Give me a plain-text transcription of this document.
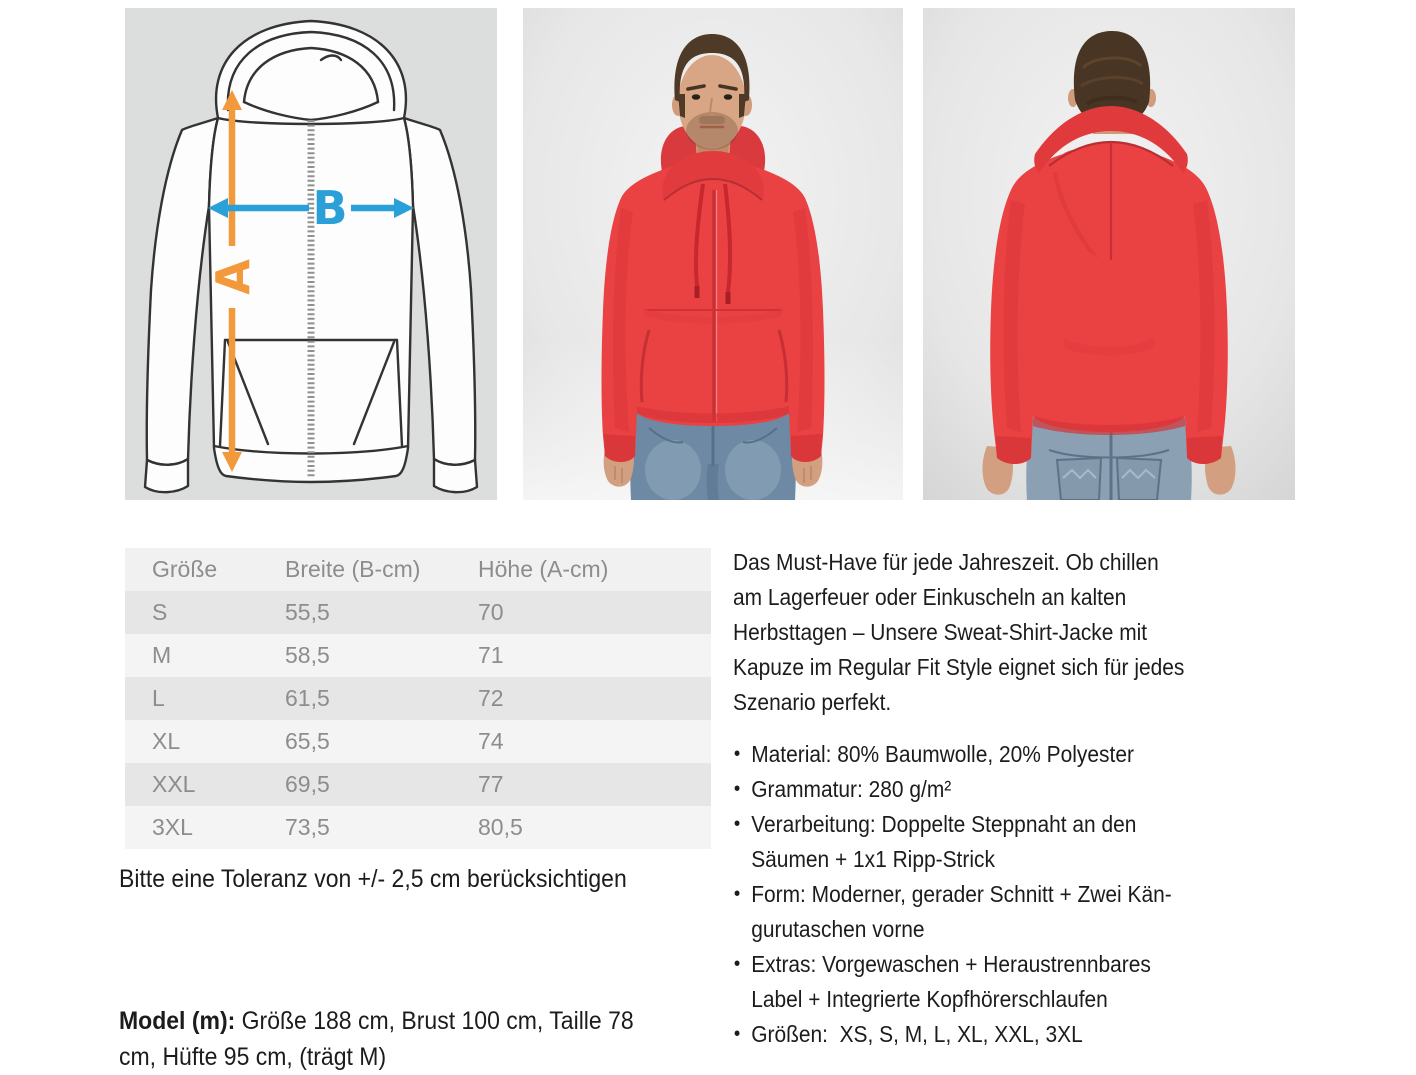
A
B
Größe	Breite (B-cm)	Höhe (A-cm)
S	55,5	70
M	58,5	71
L	61,5	72
XL	65,5	74
XXL	69,5	77
3XL	73,5	80,5
Bitte eine Toleranz von +/- 2,5 cm berücksichtigen

Model (m): Größe 188 cm, Brust 100 cm, Taille 78 cm, Hüfte 95 cm, (trägt M)

Das Must-Have für jede Jahreszeit. Ob chillen am Lagerfeuer oder Einkuscheln an kalten Herbsttagen – Unsere Sweat-Shirt-Jacke mit Kapuze im Regular Fit Style eignet sich für jedes Szenario perfekt.

• Material: 80% Baumwolle, 20% Polyester
• Grammatur: 280 g/m²
• Verarbeitung: Doppelte Steppnaht an den Säumen + 1x1 Ripp-Strick
• Form: Moderner, gerader Schnitt + Zwei Kängurutaschen vorne
• Extras: Vorgewaschen + Heraustrennbares Label + Integrierte Kopfhörerschlaufen
• Größen:  XS, S, M, L, XL, XXL, 3XL
